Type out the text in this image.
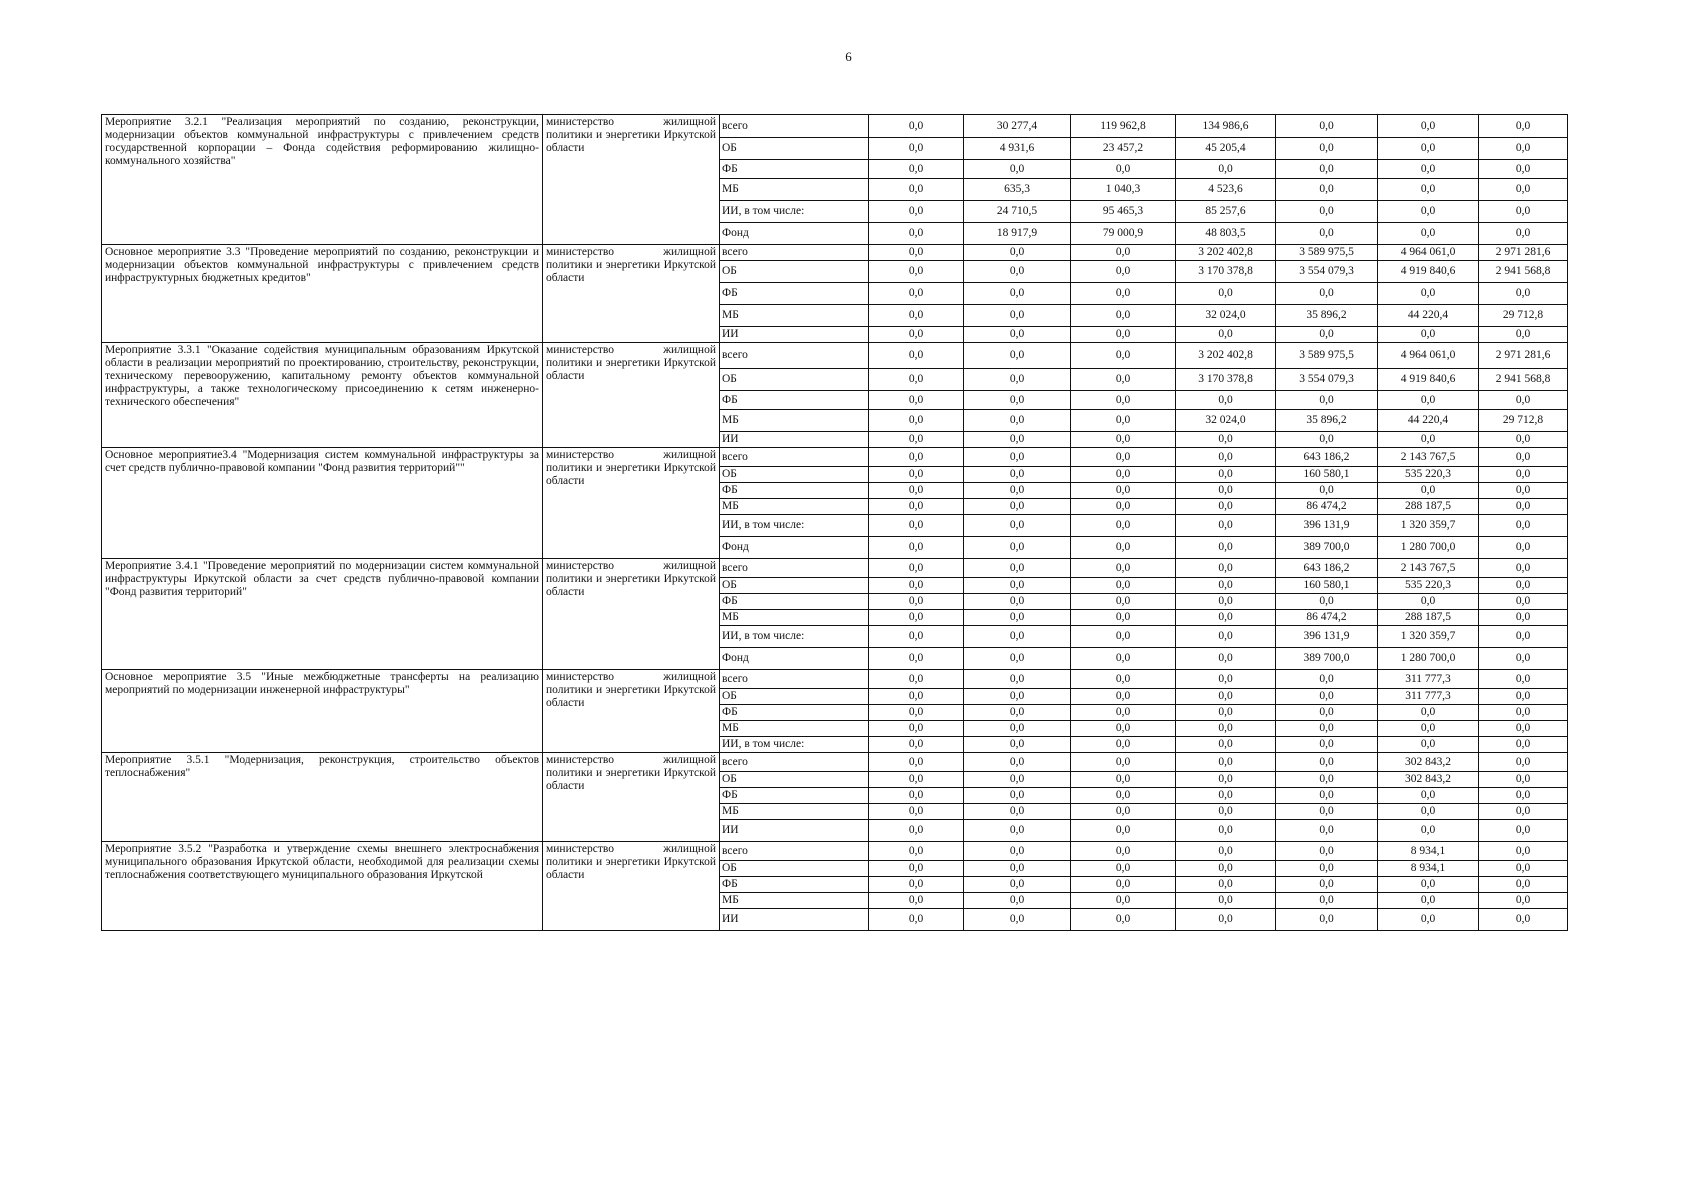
6
Мероприятие 3.2.1 "Реализация мероприятий по созданию, реконструкции, модернизации объектов коммунальной инфраструктуры с привлечением средств государственной корпорации – Фонда содействия реформированию жилищно-коммунального хозяйства"	министерство жилищной политики и энергетики Иркутской области	всего	0,0	30 277,4	119 962,8	134 986,6	0,0	0,0	0,0
		ОБ	0,0	4 931,6	23 457,2	45 205,4	0,0	0,0	0,0
		ФБ	0,0	0,0	0,0	0,0	0,0	0,0	0,0
		МБ	0,0	635,3	1 040,3	4 523,6	0,0	0,0	0,0
		ИИ, в том числе:	0,0	24 710,5	95 465,3	85 257,6	0,0	0,0	0,0
		Фонд	0,0	18 917,9	79 000,9	48 803,5	0,0	0,0	0,0
Основное мероприятие 3.3 "Проведение мероприятий по созданию, реконструкции и модернизации объектов коммунальной инфраструктуры с привлечением средств инфраструктурных бюджетных кредитов"	министерство жилищной политики и энергетики Иркутской области	всего	0,0	0,0	0,0	3 202 402,8	3 589 975,5	4 964 061,0	2 971 281,6
		ОБ	0,0	0,0	0,0	3 170 378,8	3 554 079,3	4 919 840,6	2 941 568,8
		ФБ	0,0	0,0	0,0	0,0	0,0	0,0	0,0
		МБ	0,0	0,0	0,0	32 024,0	35 896,2	44 220,4	29 712,8
		ИИ	0,0	0,0	0,0	0,0	0,0	0,0	0,0
Мероприятие 3.3.1 "Оказание содействия муниципальным образованиям Иркутской области в реализации мероприятий по проектированию, строительству, реконструкции, техническому перевооружению, капитальному ремонту объектов коммунальной инфраструктуры, а также технологическому присоединению к сетям инженерно-технического обеспечения"	министерство жилищной политики и энергетики Иркутской области	всего	0,0	0,0	0,0	3 202 402,8	3 589 975,5	4 964 061,0	2 971 281,6
		ОБ	0,0	0,0	0,0	3 170 378,8	3 554 079,3	4 919 840,6	2 941 568,8
		ФБ	0,0	0,0	0,0	0,0	0,0	0,0	0,0
		МБ	0,0	0,0	0,0	32 024,0	35 896,2	44 220,4	29 712,8
		ИИ	0,0	0,0	0,0	0,0	0,0	0,0	0,0
Основное мероприятие3.4 "Модернизация систем коммунальной инфраструктуры за счет средств публично-правовой компании "Фонд развития территорий""	министерство жилищной политики и энергетики Иркутской области	всего	0,0	0,0	0,0	0,0	643 186,2	2 143 767,5	0,0
		ОБ	0,0	0,0	0,0	0,0	160 580,1	535 220,3	0,0
		ФБ	0,0	0,0	0,0	0,0	0,0	0,0	0,0
		МБ	0,0	0,0	0,0	0,0	86 474,2	288 187,5	0,0
		ИИ, в том числе:	0,0	0,0	0,0	0,0	396 131,9	1 320 359,7	0,0
		Фонд	0,0	0,0	0,0	0,0	389 700,0	1 280 700,0	0,0
Мероприятие 3.4.1 "Проведение мероприятий по модернизации систем коммунальной инфраструктуры Иркутской области за счет средств публично-правовой компании "Фонд развития территорий"	министерство жилищной политики и энергетики Иркутской области	всего	0,0	0,0	0,0	0,0	643 186,2	2 143 767,5	0,0
		ОБ	0,0	0,0	0,0	0,0	160 580,1	535 220,3	0,0
		ФБ	0,0	0,0	0,0	0,0	0,0	0,0	0,0
		МБ	0,0	0,0	0,0	0,0	86 474,2	288 187,5	0,0
		ИИ, в том числе:	0,0	0,0	0,0	0,0	396 131,9	1 320 359,7	0,0
		Фонд	0,0	0,0	0,0	0,0	389 700,0	1 280 700,0	0,0
Основное мероприятие 3.5 "Иные межбюджетные трансферты на реализацию мероприятий по модернизации инженерной инфраструктуры"	министерство жилищной политики и энергетики Иркутской области	всего	0,0	0,0	0,0	0,0	0,0	311 777,3	0,0
		ОБ	0,0	0,0	0,0	0,0	0,0	311 777,3	0,0
		ФБ	0,0	0,0	0,0	0,0	0,0	0,0	0,0
		МБ	0,0	0,0	0,0	0,0	0,0	0,0	0,0
		ИИ, в том числе:	0,0	0,0	0,0	0,0	0,0	0,0	0,0
Мероприятие 3.5.1 "Модернизация, реконструкция, строительство объектов теплоснабжения"	министерство жилищной политики и энергетики Иркутской области	всего	0,0	0,0	0,0	0,0	0,0	302 843,2	0,0
		ОБ	0,0	0,0	0,0	0,0	0,0	302 843,2	0,0
		ФБ	0,0	0,0	0,0	0,0	0,0	0,0	0,0
		МБ	0,0	0,0	0,0	0,0	0,0	0,0	0,0
		ИИ	0,0	0,0	0,0	0,0	0,0	0,0	0,0
Мероприятие 3.5.2 "Разработка и утверждение схемы внешнего электроснабжения муниципального образования Иркутской области, необходимой для реализации схемы теплоснабжения соответствующего муниципального образования Иркутской	министерство жилищной политики и энергетики Иркутской области	всего	0,0	0,0	0,0	0,0	0,0	8 934,1	0,0
		ОБ	0,0	0,0	0,0	0,0	0,0	8 934,1	0,0
		ФБ	0,0	0,0	0,0	0,0	0,0	0,0	0,0
		МБ	0,0	0,0	0,0	0,0	0,0	0,0	0,0
		ИИ	0,0	0,0	0,0	0,0	0,0	0,0	0,0
